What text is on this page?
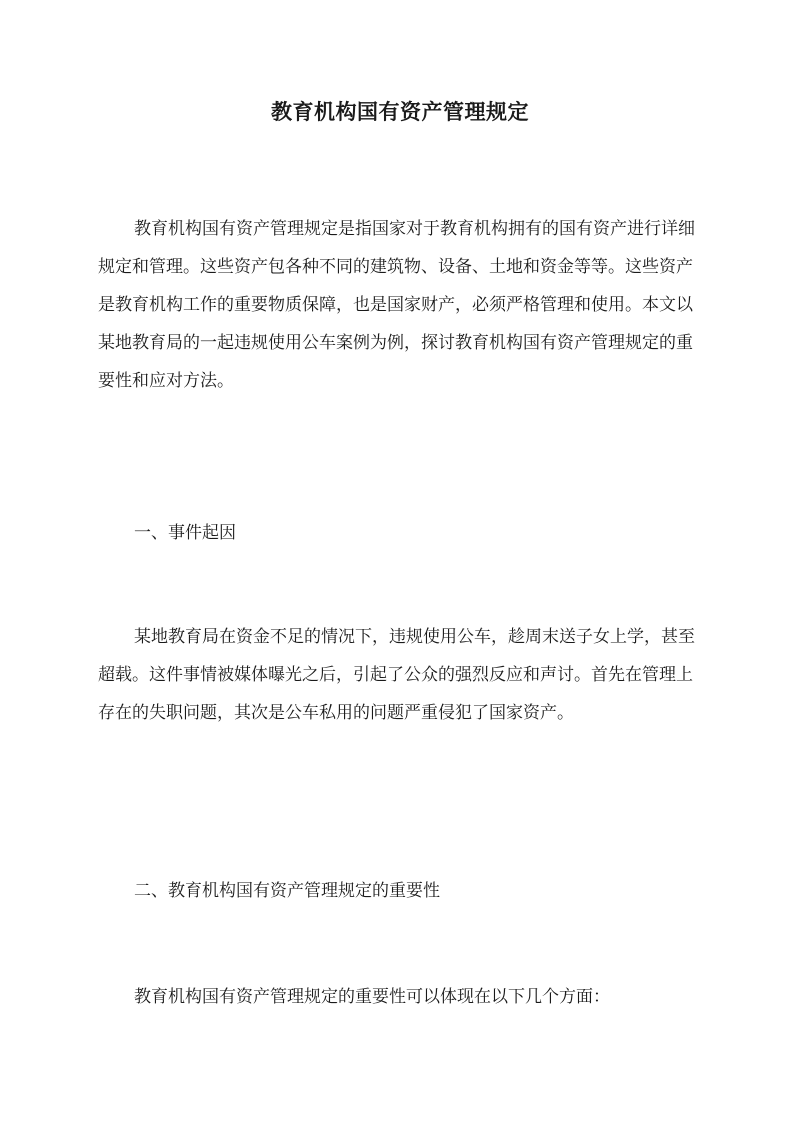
教育机构国有资产管理规定
教育机构国有资产管理规定是指国家对于教育机构拥有的国有资产进行详细规定和管理。这些资产包各种不同的建筑物、设备、土地和资金等等。这些资产是教育机构工作的重要物质保障，也是国家财产，必须严格管理和使用。本文以某地教育局的一起违规使用公车案例为例，探讨教育机构国有资产管理规定的重要性和应对方法。
一、事件起因
某地教育局在资金不足的情况下，违规使用公车，趁周末送子女上学，甚至超载。这件事情被媒体曝光之后，引起了公众的强烈反应和声讨。首先在管理上存在的失职问题，其次是公车私用的问题严重侵犯了国家资产。
二、教育机构国有资产管理规定的重要性
教育机构国有资产管理规定的重要性可以体现在以下几个方面：
